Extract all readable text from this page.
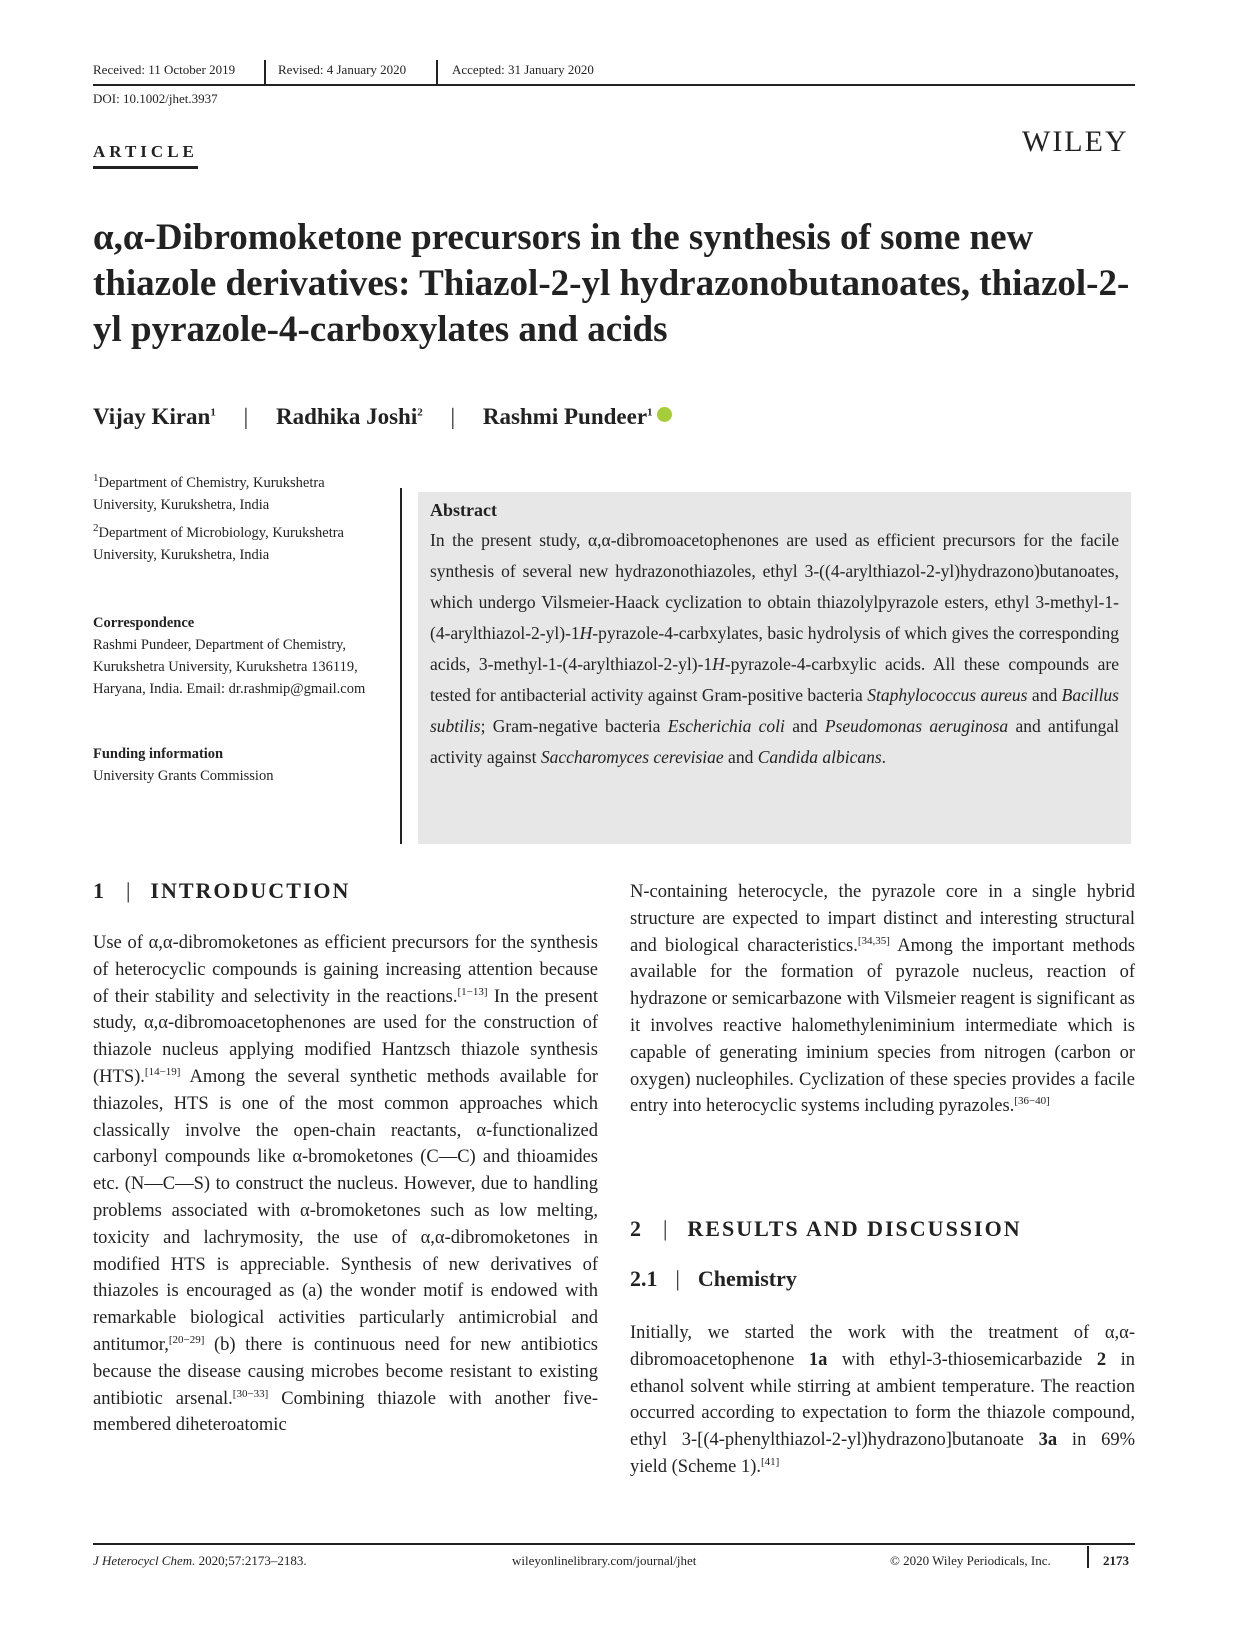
Received: 11 October 2019	Revised: 4 January 2020	Accepted: 31 January 2020
DOI: 10.1002/jhet.3937
ARTICLE	WILEY
α,α-Dibromoketone precursors in the synthesis of some new thiazole derivatives: Thiazol-2-yl hydrazonobutanoates, thiazol-2-yl pyrazole-4-carboxylates and acids
Vijay Kiran$^1$ | Radhika Joshi$^2$ | Rashmi Pundeer$^1$
$^1$Department of Chemistry, Kurukshetra University, Kurukshetra, India
$^2$Department of Microbiology, Kurukshetra University, Kurukshetra, India
Correspondence
Rashmi Pundeer, Department of Chemistry, Kurukshetra University, Kurukshetra 136119, Haryana, India. Email: dr.rashmip@gmail.com
Funding information
University Grants Commission
Abstract

In the present study, α,α-dibromoacetophenones are used as efficient precursors for the facile synthesis of several new hydrazonothiazoles, ethyl 3-((4-arylthiazol-2-yl)hydrazono)butanoates, which undergo Vilsmeier-Haack cyclization to obtain thiazolylpyrazole esters, ethyl 3-methyl-1-(4-arylthiazol-2-yl)-1H-pyrazole-4-carbxylates, basic hydrolysis of which gives the corresponding acids, 3-methyl-1-(4-arylthiazol-2-yl)-1H-pyrazole-4-carbxylic acids. All these compounds are tested for antibacterial activity against Gram-positive bacteria Staphylococcus aureus and Bacillus subtilis; Gram-negative bacteria Escherichia coli and Pseudomonas aeruginosa and antifungal activity against Saccharomyces cerevisiae and Candida albicans.

1 | INTRODUCTION

Use of α,α-dibromoketones as efficient precursors for the synthesis of heterocyclic compounds is gaining increasing attention because of their stability and selectivity in the reactions.[1−13] In the present study, α,α-dibromoacetophenones are used for the construction of thiazole nucleus applying modified Hantzsch thiazole synthesis (HTS).[14−19] Among the several synthetic methods available for thiazoles, HTS is one of the most common approaches which classically involve the open-chain reactants, α-functionalized carbonyl compounds like α-bromoketones (C—C) and thioamides etc. (N—C—S) to construct the nucleus. However, due to handling problems associated with α-bromoketones such as low melting, toxicity and lachrymosity, the use of α,α-dibromoketones in modified HTS is appreciable. Synthesis of new derivatives of thiazoles is encouraged as (a) the wonder motif is endowed with remarkable biological activities particularly antimicrobial and antitumor,[20−29] (b) there is continuous need for new antibiotics because the disease causing microbes become resistant to existing antibiotic arsenal.[30−33] Combining thiazole with another five-membered diheteroatomic

N-containing heterocycle, the pyrazole core in a single hybrid structure are expected to impart distinct and interesting structural and biological characteristics.[34,35] Among the important methods available for the formation of pyrazole nucleus, reaction of hydrazone or semicarbazone with Vilsmeier reagent is significant as it involves reactive halomethyleniminium intermediate which is capable of generating iminium species from nitrogen (carbon or oxygen) nucleophiles. Cyclization of these species provides a facile entry into heterocyclic systems including pyrazoles.[36−40]

2 | RESULTS AND DISCUSSION
2.1 | Chemistry

Initially, we started the work with the treatment of α,α-dibromoacetophenone 1a with ethyl-3-thiosemicarbazide 2 in ethanol solvent while stirring at ambient temperature. The reaction occurred according to expectation to form the thiazole compound, ethyl 3-[(4-phenylthiazol-2-yl)hydrazono]butanoate 3a in 69% yield (Scheme 1).[41]

J Heterocycl Chem. 2020;57:2173–2183.	wileyonlinelibrary.com/journal/jhet	© 2020 Wiley Periodicals, Inc.	2173
